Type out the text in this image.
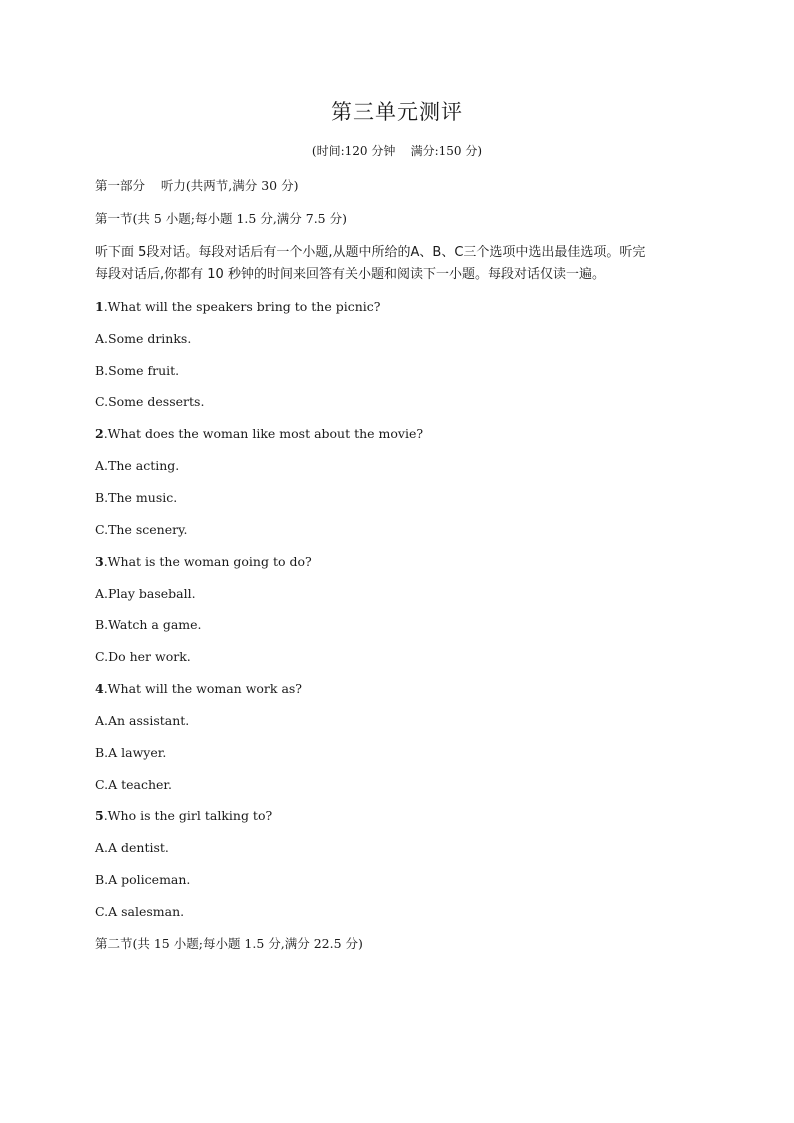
第三单元测评
(时间:120 分钟    满分:150 分)
第一部分    听力(共两节,满分 30 分)
第一节(共 5 小题;每小题 1.5 分,满分 7.5 分)
听下面 5段对话。每段对话后有一个小题,从题中所给的A、B、C三个选项中选出最佳选项。听完
每段对话后,你都有 10 秒钟的时间来回答有关小题和阅读下一小题。每段对话仅读一遍。
1.What will the speakers bring to the picnic?
A.Some drinks.
B.Some fruit.
C.Some desserts.
2.What does the woman like most about the movie?
A.The acting.
B.The music.
C.The scenery.
3.What is the woman going to do?
A.Play baseball.
B.Watch a game.
C.Do her work.
4.What will the woman work as?
A.An assistant.
B.A lawyer.
C.A teacher.
5.Who is the girl talking to?
A.A dentist.
B.A policeman.
C.A salesman.
第二节(共 15 小题;每小题 1.5 分,满分 22.5 分)
